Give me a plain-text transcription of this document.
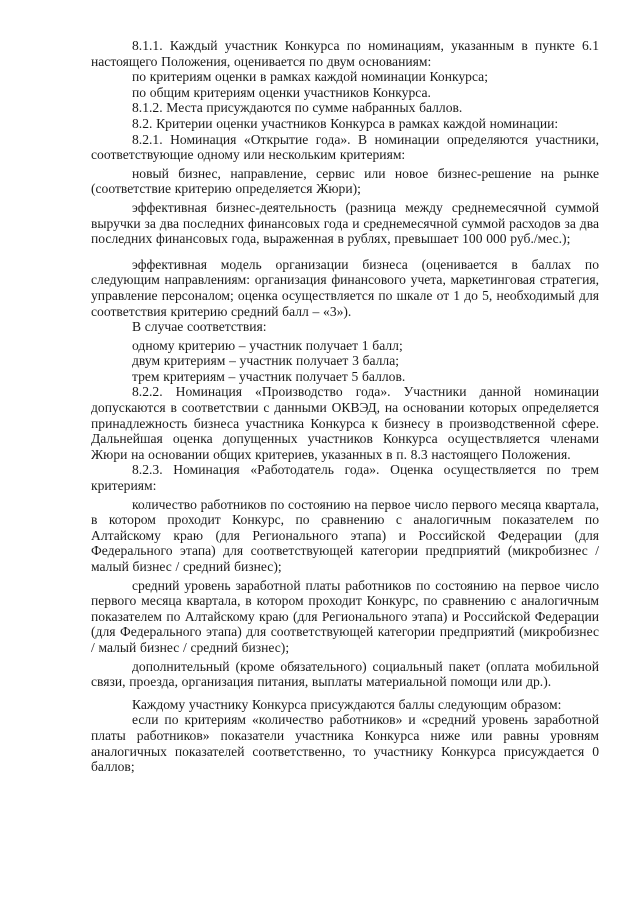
8.1.1. Каждый участник Конкурса по номинациям, указанным в пункте 6.1 настоящего Положения, оценивается по двум основаниям:

по критериям оценки в рамках каждой номинации Конкурса;

по общим критериям оценки участников Конкурса.

8.1.2. Места присуждаются по сумме набранных баллов.

8.2. Критерии оценки участников Конкурса в рамках каждой номинации:

8.2.1. Номинация «Открытие года». В номинации определяются участники, соответствующие одному или нескольким критериям:

новый бизнес, направление, сервис или новое бизнес-решение на рынке (соответствие критерию определяется Жюри);

эффективная бизнес-деятельность (разница между среднемесячной суммой выручки за два последних финансовых года и среднемесячной суммой расходов за два последних финансовых года, выраженная в рублях, превышает 100 000 руб./мес.);

эффективная модель организации бизнеса (оценивается в баллах по следующим направлениям: организация финансового учета, маркетинговая стратегия, управление персоналом; оценка осуществляется по шкале от 1 до 5, необходимый для соответствия критерию средний балл – «3»).

В случае соответствия:

одному критерию – участник получает 1 балл;

двум критериям – участник получает 3 балла;

трем критериям – участник получает 5 баллов.

8.2.2. Номинация «Производство года». Участники данной номинации допускаются в соответствии с данными ОКВЭД, на основании которых определяется принадлежность бизнеса участника Конкурса к бизнесу в производственной сфере. Дальнейшая оценка допущенных участников Конкурса осуществляется членами Жюри на основании общих критериев, указанных в п. 8.3 настоящего Положения.

8.2.3. Номинация «Работодатель года». Оценка осуществляется по трем критериям:

количество работников по состоянию на первое число первого месяца квартала, в котором проходит Конкурс, по сравнению с аналогичным показателем по Алтайскому краю (для Регионального этапа) и Российской Федерации (для Федерального этапа) для соответствующей категории предприятий (микробизнес / малый бизнес / средний бизнес);

средний уровень заработной платы работников по состоянию на первое число первого месяца квартала, в котором проходит Конкурс, по сравнению с аналогичным показателем по Алтайскому краю (для Регионального этапа) и Российской Федерации (для Федерального этапа) для соответствующей категории предприятий (микробизнес / малый бизнес / средний бизнес);

дополнительный (кроме обязательного) социальный пакет (оплата мобильной связи, проезда, организация питания, выплаты материальной помощи или др.).

Каждому участнику Конкурса присуждаются баллы следующим образом:

если по критериям «количество работников» и «средний уровень заработной платы работников» показатели участника Конкурса ниже или равны уровням аналогичных показателей соответственно, то участнику Конкурса присуждается 0 баллов;
